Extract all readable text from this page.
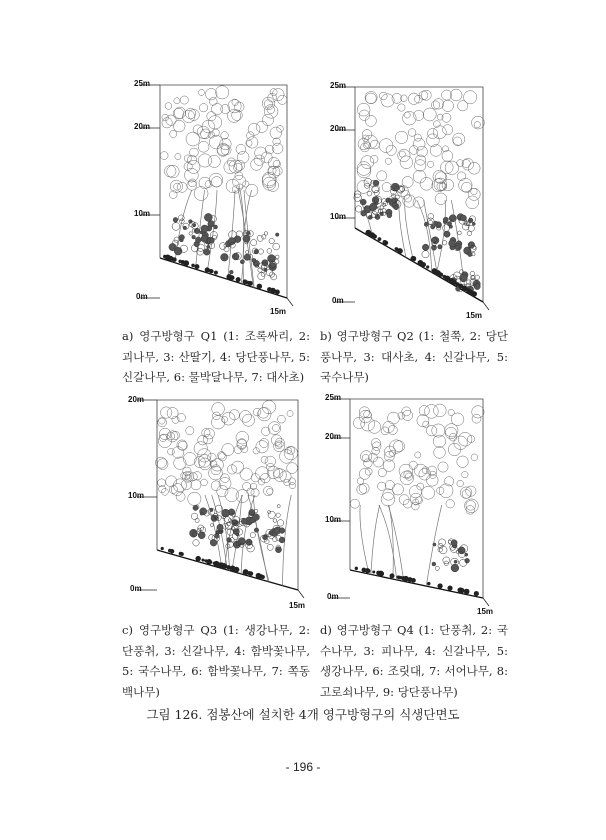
25m
20m
10m
0m
15m
25m
20m
10m
0m
15m
20m
10m
0m
15m
25m
20m
10m
0m
15m

a) 영구방형구 Q1 (1: 조록싸리, 2: 괴나무, 3: 산딸기, 4: 당단풍나무, 5: 신갈나무, 6: 물박달나무, 7: 대사초)

b) 영구방형구 Q2 (1: 철쭉, 2: 당단풍나무, 3: 대사초, 4: 신갈나무, 5: 국수나무)

c) 영구방형구 Q3 (1: 생강나무, 2: 단풍취, 3: 신갈나무, 4: 함박꽃나무, 5: 국수나무, 6: 함박꽃나무, 7: 쪽동백나무)

d) 영구방형구 Q4 (1: 단풍취, 2: 국수나무, 3: 피나무, 4: 신갈나무, 5: 생강나무, 6: 조릿대, 7: 서어나무, 8: 고로쇠나무, 9: 당단풍나무)

그림 126. 점봉산에 설치한 4개 영구방형구의 식생단면도
- 196 -
